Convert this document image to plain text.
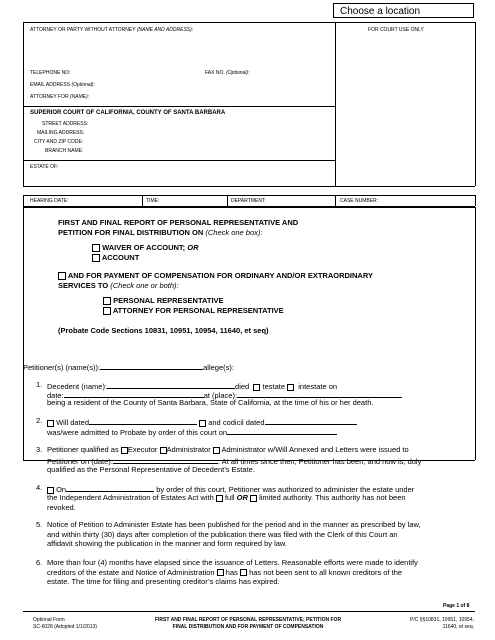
Choose a location
ATTORNEY OR PARTY WITHOUT ATTORNEY (NAME AND ADDRESS):	FOR COURT USE ONLY
TELEPHONE NO:	FAX NO. (Optional):
EMAIL ADDRESS (Optional):
ATTORNEY FOR (NAME):
SUPERIOR COURT OF CALIFORNIA, COUNTY OF SANTA BARBARA
STREET ADDRESS:
MAILING ADDRESS:
CITY AND ZIP CODE:
BRANCH NAME:
ESTATE OF:
HEARING DATE:	TIME:	DEPARTMENT:	CASE NUMBER:
FIRST AND FINAL REPORT OF PERSONAL REPRESENTATIVE AND
PETITION FOR FINAL DISTRIBUTION ON (Check one box):
WAIVER OF ACCOUNT; OR
ACCOUNT
AND FOR PAYMENT OF COMPENSATION FOR ORDINARY AND/OR EXTRAORDINARY
SERVICES TO (Check one or both):
PERSONAL REPRESENTATIVE
ATTORNEY FOR PERSONAL REPRESENTATIVE
(Probate Code Sections 10831, 10951, 10954, 11640, et seq)
Petitioner(s) (name(s)):	allege(s):
1. Decedent (name):	died testate intestate on
date:	at (place):
being a resident of the County of Santa Barbara, State of California, at the time of his or her death.
2.	Will dated	and codicil dated
was/were admitted to Probate by order of this court on
3. Petitioner qualified as Executor Administrator Administrator w/Will Annexed and Letters were issued to
Petitioner on (date):	. At all times since then, Petitioner has been, and now is, duly
qualified as the Personal Representative of Decedent’s Estate.
4.	On	by order of this court, Petitioner was authorized to administer the estate under
the Independent Administration of Estates Act with full OR limited authority. This authority has not been
revoked.
5. Notice of Petition to Administer Estate has been published for the period and in the manner as prescribed by law,
and within thirty (30) days after completion of the publication there was filed with the Clerk of this Court an
affidavit showing the publication in the manner and form required by law.
6. More than four (4) months have elapsed since the issuance of Letters. Reasonable efforts were made to identify
creditors of the estate and Notice of Administration has has not been sent to all known creditors of the
estate. The time for filing and presenting creditor’s claims has expired.
Page 1 of 8
Optional Form
SC-6028 (Adopted 1/1/2013)
FIRST AND FINAL REPORT OF PERSONAL REPRESENTATIVE; PETITION FOR
FINAL DISTRIBUTION AND FOR PAYMENT OF COMPENSATION
P/C §§10831, 10951, 10954,
11640, et seq.
